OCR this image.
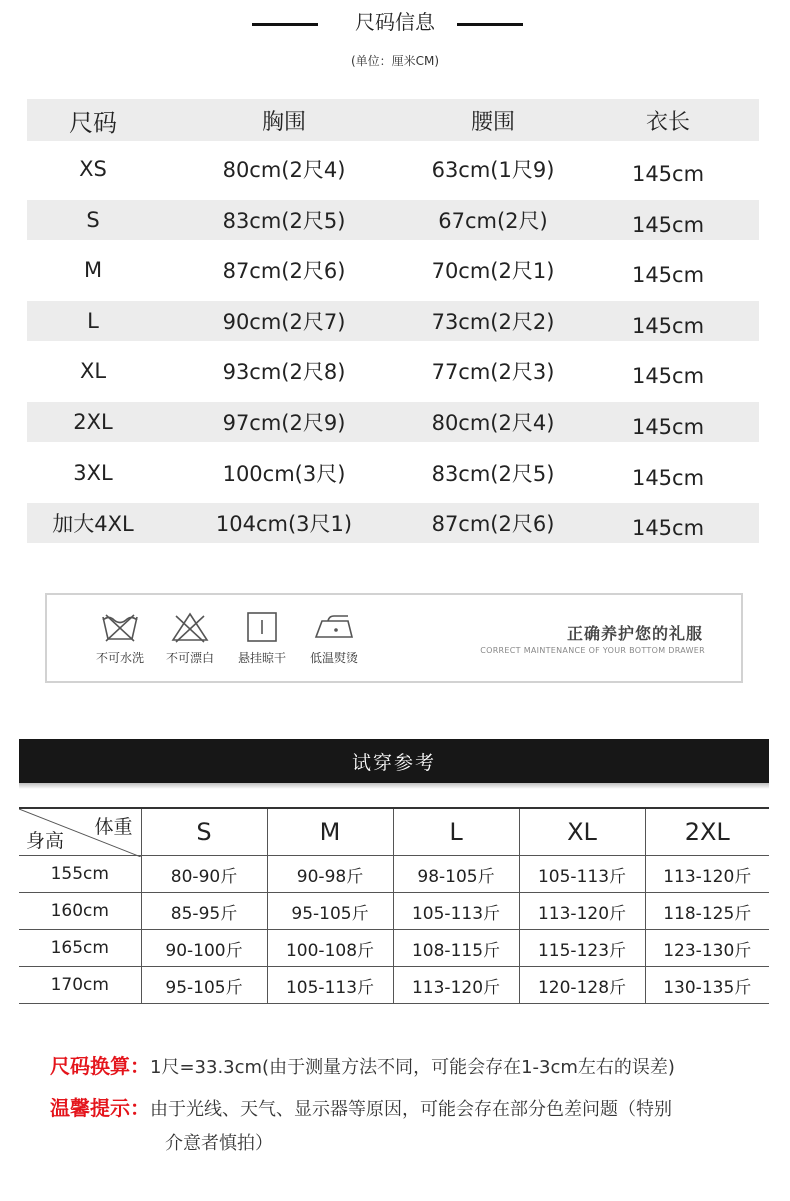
尺码信息
(单位：厘米CM)
尺码	胸围	腰围	衣长
XS	80cm(2尺4)	63cm(1尺9)	145cm
S	83cm(2尺5)	67cm(2尺)	145cm
M	87cm(2尺6)	70cm(2尺1)	145cm
L	90cm(2尺7)	73cm(2尺2)	145cm
XL	93cm(2尺8)	77cm(2尺3)	145cm
2XL	97cm(2尺9)	80cm(2尺4)	145cm
3XL	100cm(3尺)	83cm(2尺5)	145cm
加大4XL	104cm(3尺1)	87cm(2尺6)	145cm
不可水洗	不可漂白	悬挂晾干	低温熨烫
正确养护您的礼服
CORRECT MAINTENANCE OF YOUR BOTTOM DRAWER
试穿参考
体重
身高	S	M	L	XL	2XL
155cm	80-90斤	90-98斤	98-105斤	105-113斤	113-120斤
160cm	85-95斤	95-105斤	105-113斤	113-120斤	118-125斤
165cm	90-100斤	100-108斤	108-115斤	115-123斤	123-130斤
170cm	95-105斤	105-113斤	113-120斤	120-128斤	130-135斤
尺码换算：1尺=33.3cm(由于测量方法不同，可能会存在1-3cm左右的误差)
温馨提示：由于光线、天气、显示器等原因，可能会存在部分色差问题（特别
介意者慎拍）
